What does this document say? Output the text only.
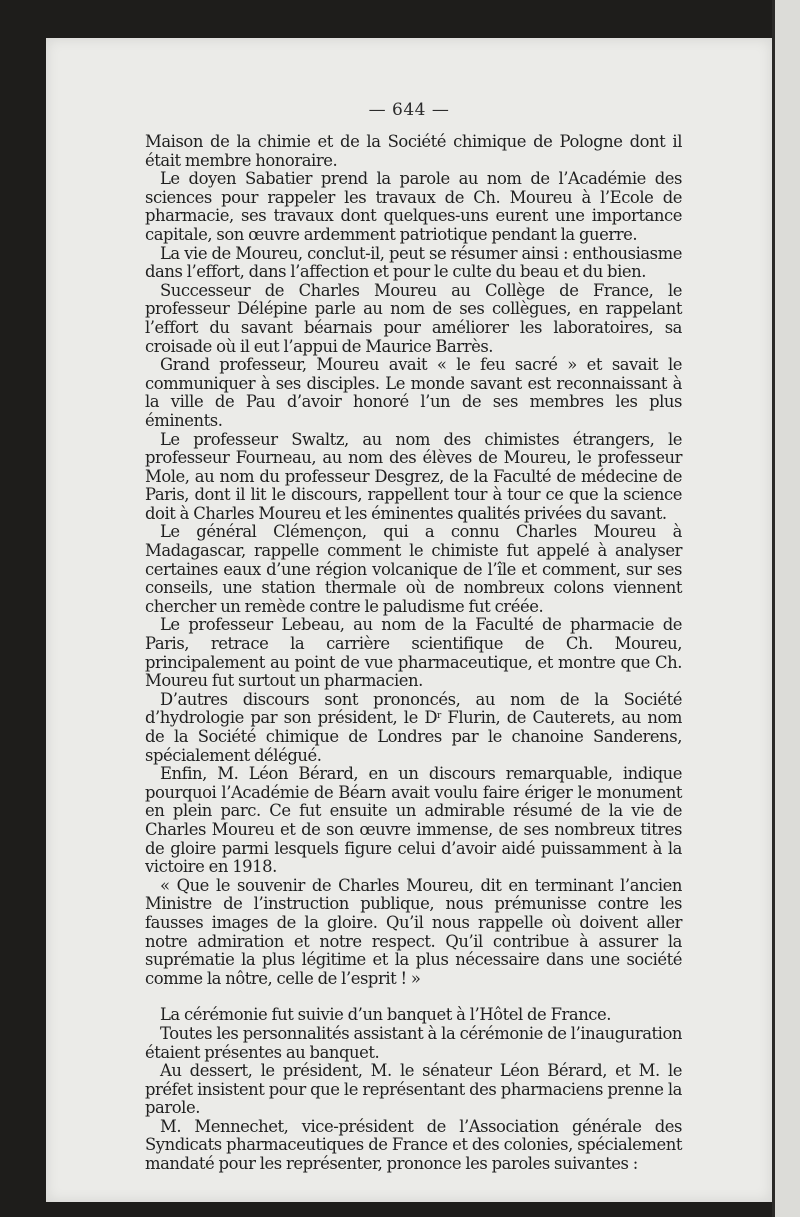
— 644 —

Maison de la chimie et de la Société chimique de Pologne dont il était membre honoraire.

Le doyen Sabatier prend la parole au nom de l’Académie des sciences pour rappeler les travaux de Ch. Moureu à l’Ecole de pharmacie, ses travaux dont quelques-uns eurent une importance capitale, son œuvre ardemment patriotique pendant la guerre.

La vie de Moureu, conclut-il, peut se résumer ainsi : enthousiasme dans l’effort, dans l’affection et pour le culte du beau et du bien.

Successeur de Charles Moureu au Collège de France, le professeur Délépine parle au nom de ses collègues, en rappelant l’effort du savant béarnais pour améliorer les laboratoires, sa croisade où il eut l’appui de Maurice Barrès.

Grand professeur, Moureu avait « le feu sacré » et savait le communiquer à ses disciples. Le monde savant est reconnaissant à la ville de Pau d’avoir honoré l’un de ses membres les plus éminents.

Le professeur Swaltz, au nom des chimistes étrangers, le professeur Fourneau, au nom des élèves de Moureu, le professeur Mole, au nom du professeur Desgrez, de la Faculté de médecine de Paris, dont il lit le discours, rappellent tour à tour ce que la science doit à Charles Moureu et les éminentes qualités privées du savant.

Le général Clémençon, qui a connu Charles Moureu à Madagascar, rappelle comment le chimiste fut appelé à analyser certaines eaux d’une région volcanique de l’île et comment, sur ses conseils, une station thermale où de nombreux colons viennent chercher un remède contre le paludisme fut créée.

Le professeur Lebeau, au nom de la Faculté de pharmacie de Paris, retrace la carrière scientifique de Ch. Moureu, principalement au point de vue pharmaceutique, et montre que Ch. Moureu fut surtout un pharmacien.

D’autres discours sont prononcés, au nom de la Société d’hydrologie par son président, le $D^r$ Flurin, de Cauterets, au nom de la Société chimique de Londres par le chanoine Sanderens, spécialement délégué.

Enfin, M. Léon Bérard, en un discours remarquable, indique pourquoi l’Académie de Béarn avait voulu faire ériger le monument en plein parc. Ce fut ensuite un admirable résumé de la vie de Charles Moureu et de son œuvre immense, de ses nombreux titres de gloire parmi lesquels figure celui d’avoir aidé puissamment à la victoire en 1918.

« Que le souvenir de Charles Moureu, dit en terminant l’ancien Ministre de l’instruction publique, nous prémunisse contre les fausses images de la gloire. Qu’il nous rappelle où doivent aller notre admiration et notre respect. Qu’il contribue à assurer la suprématie la plus légitime et la plus nécessaire dans une société comme la nôtre, celle de l’esprit ! »

La cérémonie fut suivie d’un banquet à l’Hôtel de France.

Toutes les personnalités assistant à la cérémonie de l’inauguration étaient présentes au banquet.

Au dessert, le président, M. le sénateur Léon Bérard, et M. le préfet insistent pour que le représentant des pharmaciens prenne la parole.

M. Mennechet, vice-président de l’Association générale des Syndicats pharmaceutiques de France et des colonies, spécialement mandaté pour les représenter, prononce les paroles suivantes :
